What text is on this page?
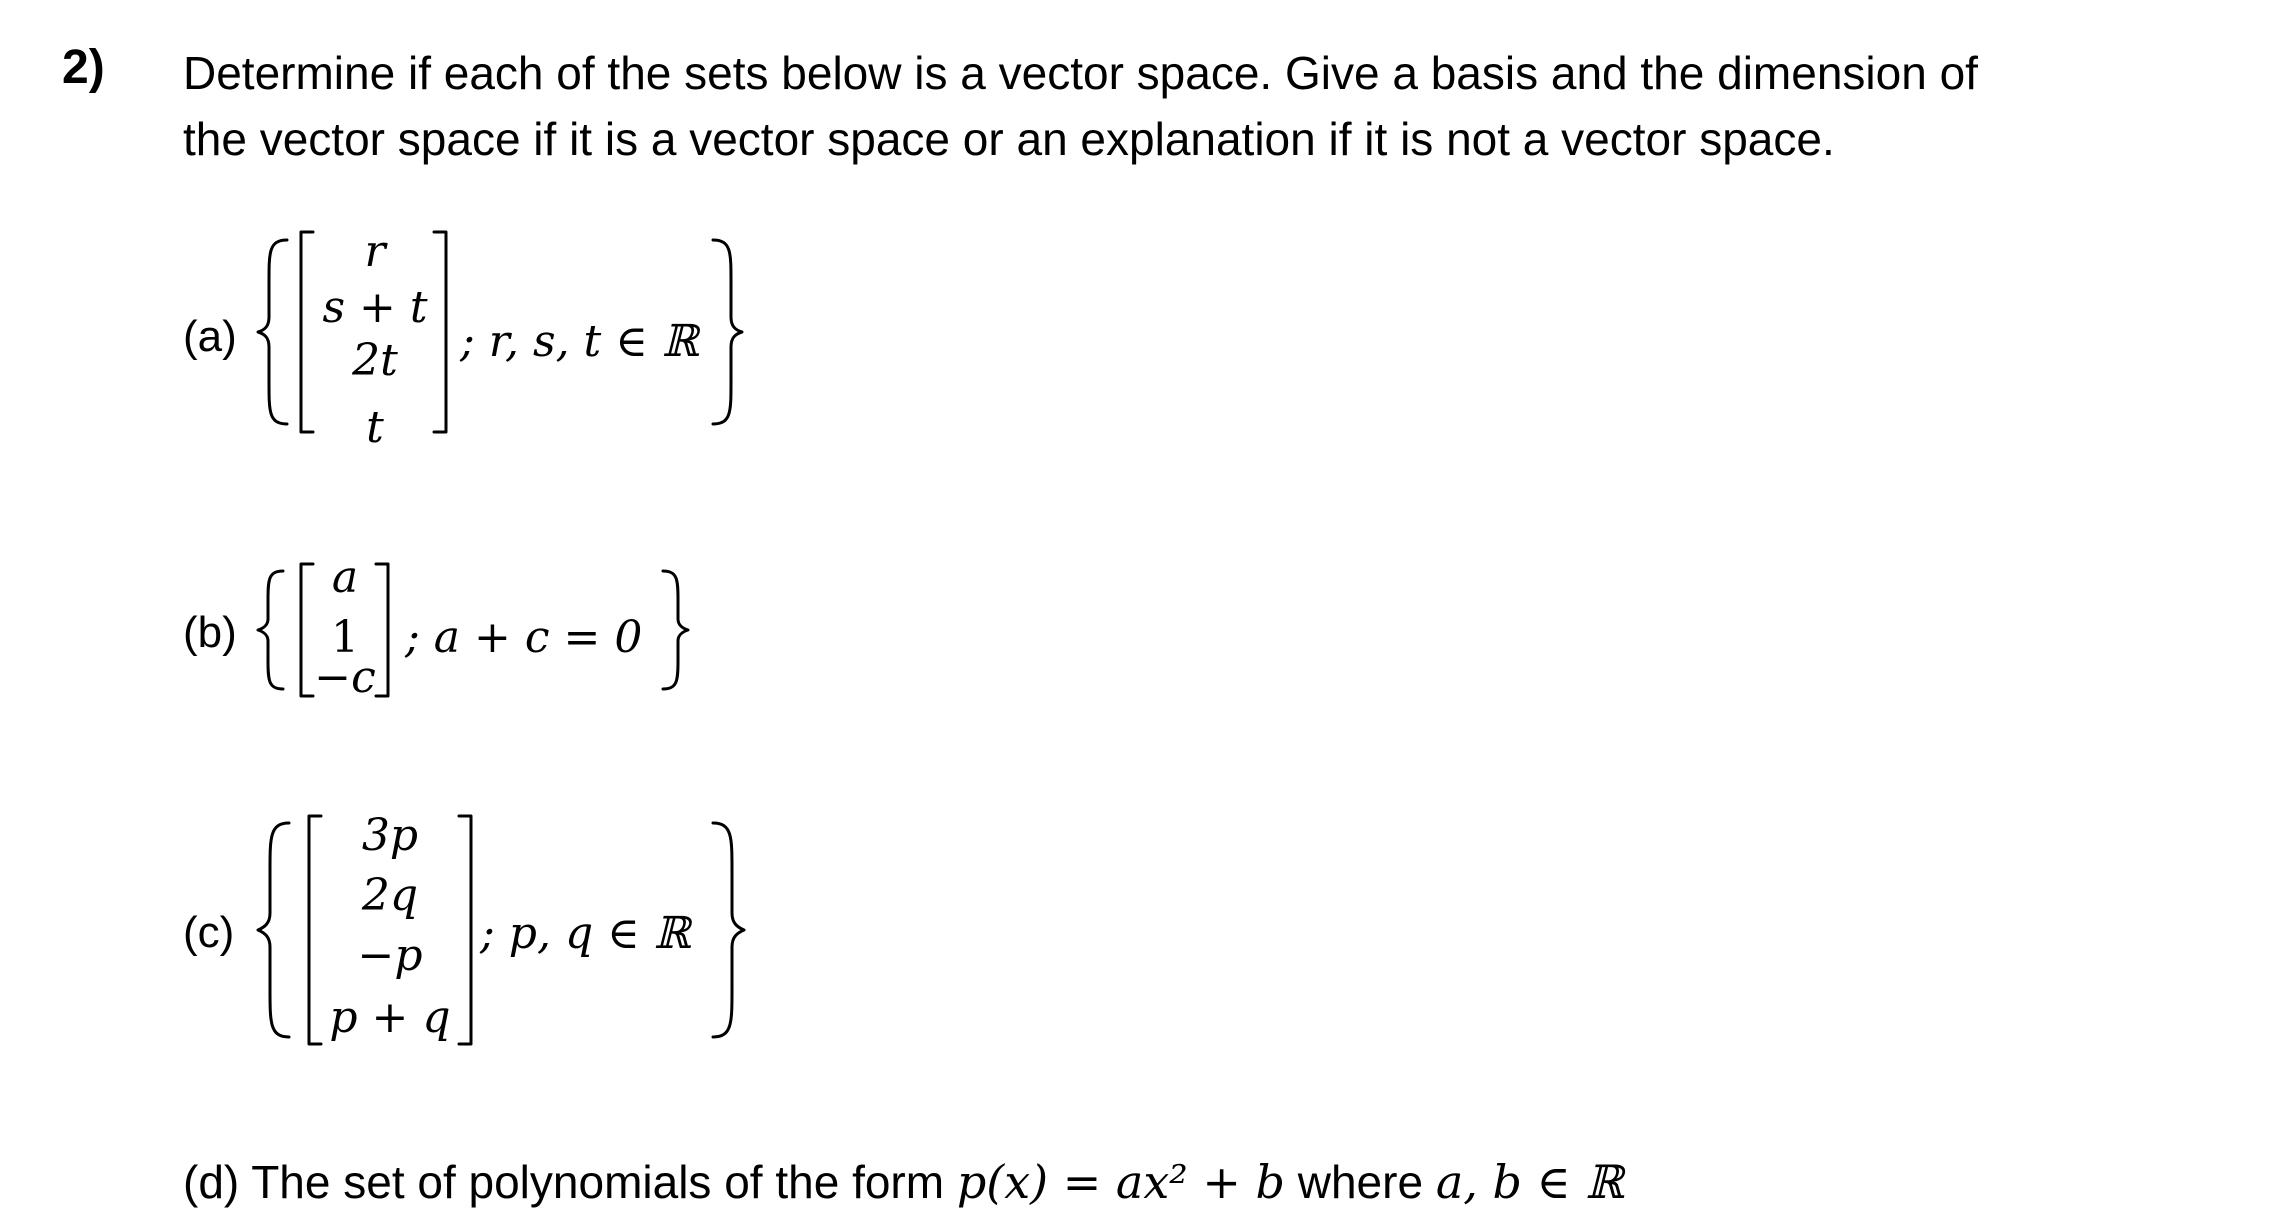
2) Determine if each of the sets below is a vector space. Give a basis and the dimension of
the vector space if it is a vector space or an explanation if it is not a vector space.
(a)
r
s + t
2t
t
; r, s, t ∈ ℝ
(b)
a
1
−c
; a + c = 0
(c)
3p
2q
−p
p + q
; p, q ∈ ℝ
(d) The set of polynomials of the form p(x) = ax² + b where a, b ∈ ℝ
